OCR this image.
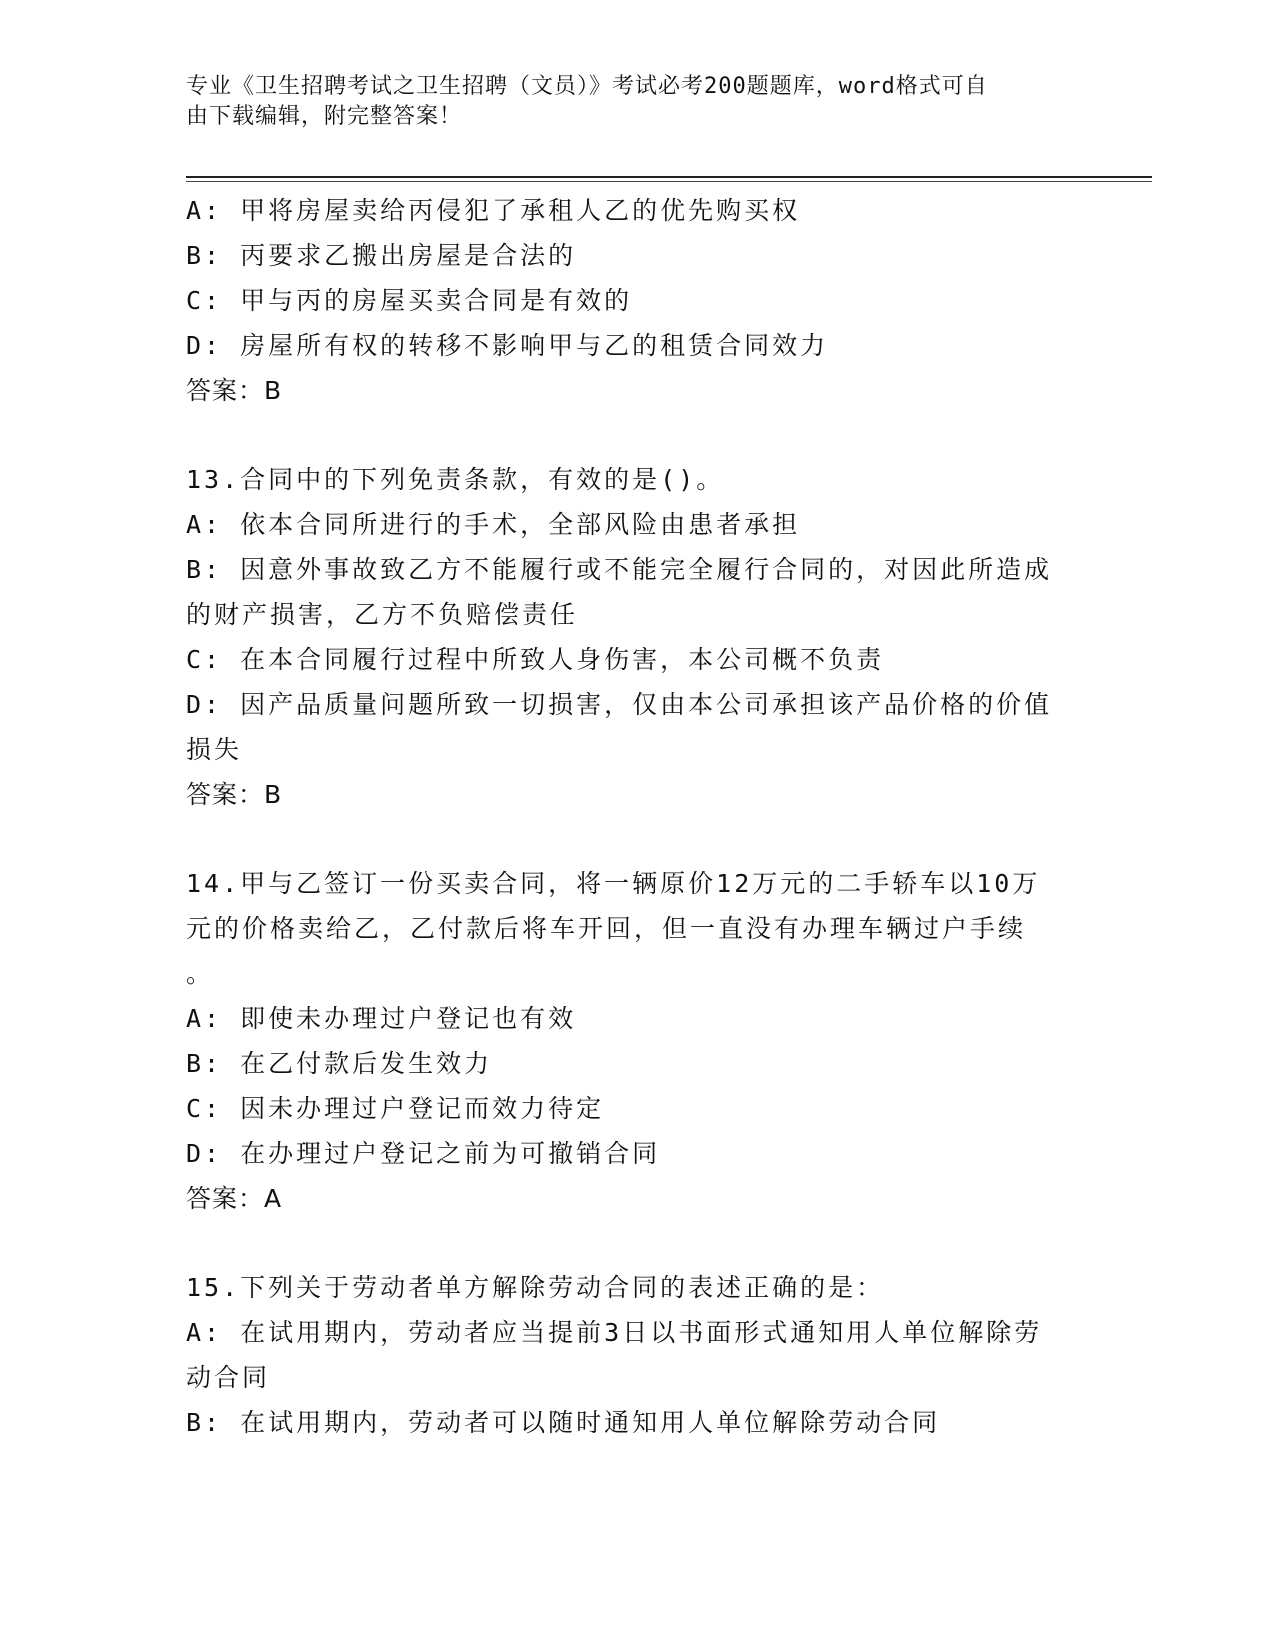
专业《卫生招聘考试之卫生招聘（文员）》考试必考200题题库，word格式可自
由下载编辑，附完整答案！
A: 甲将房屋卖给丙侵犯了承租人乙的优先购买权
B: 丙要求乙搬出房屋是合法的
C: 甲与丙的房屋买卖合同是有效的
D: 房屋所有权的转移不影响甲与乙的租赁合同效力
答案：B
13.合同中的下列免责条款，有效的是()。
A: 依本合同所进行的手术，全部风险由患者承担
B: 因意外事故致乙方不能履行或不能完全履行合同的，对因此所造成
的财产损害，乙方不负赔偿责任
C: 在本合同履行过程中所致人身伤害，本公司概不负责
D: 因产品质量问题所致一切损害，仅由本公司承担该产品价格的价值
损失
答案：B
14.甲与乙签订一份买卖合同，将一辆原价12万元的二手轿车以10万
元的价格卖给乙，乙付款后将车开回，但一直没有办理车辆过户手续
。
A: 即使未办理过户登记也有效
B: 在乙付款后发生效力
C: 因未办理过户登记而效力待定
D: 在办理过户登记之前为可撤销合同
答案：A
15.下列关于劳动者单方解除劳动合同的表述正确的是：
A: 在试用期内，劳动者应当提前3日以书面形式通知用人单位解除劳
动合同
B: 在试用期内，劳动者可以随时通知用人单位解除劳动合同
